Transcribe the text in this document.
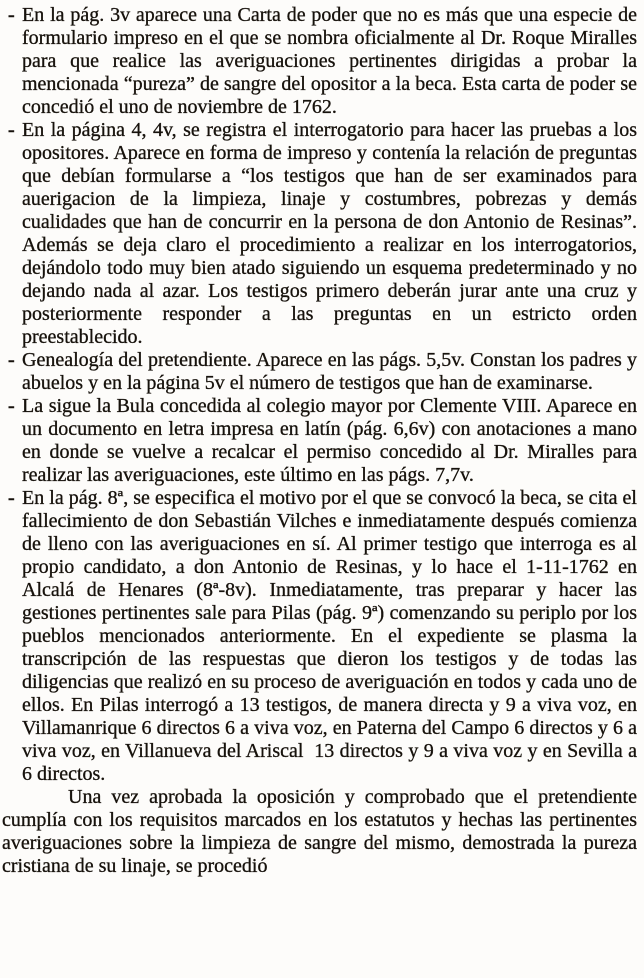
- En la pág. 3v aparece una Carta de poder que no es más que una especie de formulario impreso en el que se nombra oficialmente al Dr. Roque Miralles para que realice las averiguaciones pertinentes dirigidas a probar la mencionada “pureza” de sangre del opositor a la beca. Esta carta de poder se concedió el uno de noviembre de 1762.
- En la página 4, 4v, se registra el interrogatorio para hacer las pruebas a los opositores. Aparece en forma de impreso y contenía la relación de preguntas que debían formularse a “los testigos que han de ser examinados para auerigacion de la limpieza, linaje y costumbres, pobrezas y demás cualidades que han de concurrir en la persona de don Antonio de Resinas”. Además se deja claro el procedimiento a realizar en los interrogatorios, dejándolo todo muy bien atado siguiendo un esquema predeterminado y no dejando nada al azar. Los testigos primero deberán jurar ante una cruz y posteriormente responder a las preguntas en un estricto orden preestablecido.
- Genealogía del pretendiente. Aparece en las págs. 5,5v. Constan los padres y abuelos y en la página 5v el número de testigos que han de examinarse.
- La sigue la Bula concedida al colegio mayor por Clemente VIII. Aparece en un documento en letra impresa en latín (pág. 6,6v) con anotaciones a mano en donde se vuelve a recalcar el permiso concedido al Dr. Miralles para realizar las averiguaciones, este último en las págs. 7,7v.
- En la pág. 8ª, se especifica el motivo por el que se convocó la beca, se cita el fallecimiento de don Sebastián Vilches e inmediatamente después comienza de lleno con las averiguaciones en sí. Al primer testigo que interroga es al propio candidato, a don Antonio de Resinas, y lo hace el 1-11-1762 en Alcalá de Henares (8ª-8v). Inmediatamente, tras preparar y hacer las gestiones pertinentes sale para Pilas (pág. 9ª) comenzando su periplo por los pueblos mencionados anteriormente. En el expediente se plasma la transcripción de las respuestas que dieron los testigos y de todas las diligencias que realizó en su proceso de averiguación en todos y cada uno de ellos. En Pilas interrogó a 13 testigos, de manera directa y 9 a viva voz, en Villamanrique 6 directos 6 a viva voz, en Paterna del Campo 6 directos y 6 a viva voz, en Villanueva del Ariscal  13 directos y 9 a viva voz y en Sevilla a 6 directos.
Una vez aprobada la oposición y comprobado que el pretendiente cumplía con los requisitos marcados en los estatutos y hechas las pertinentes averiguaciones sobre la limpieza de sangre del mismo, demostrada la pureza cristiana de su linaje, se procedió
